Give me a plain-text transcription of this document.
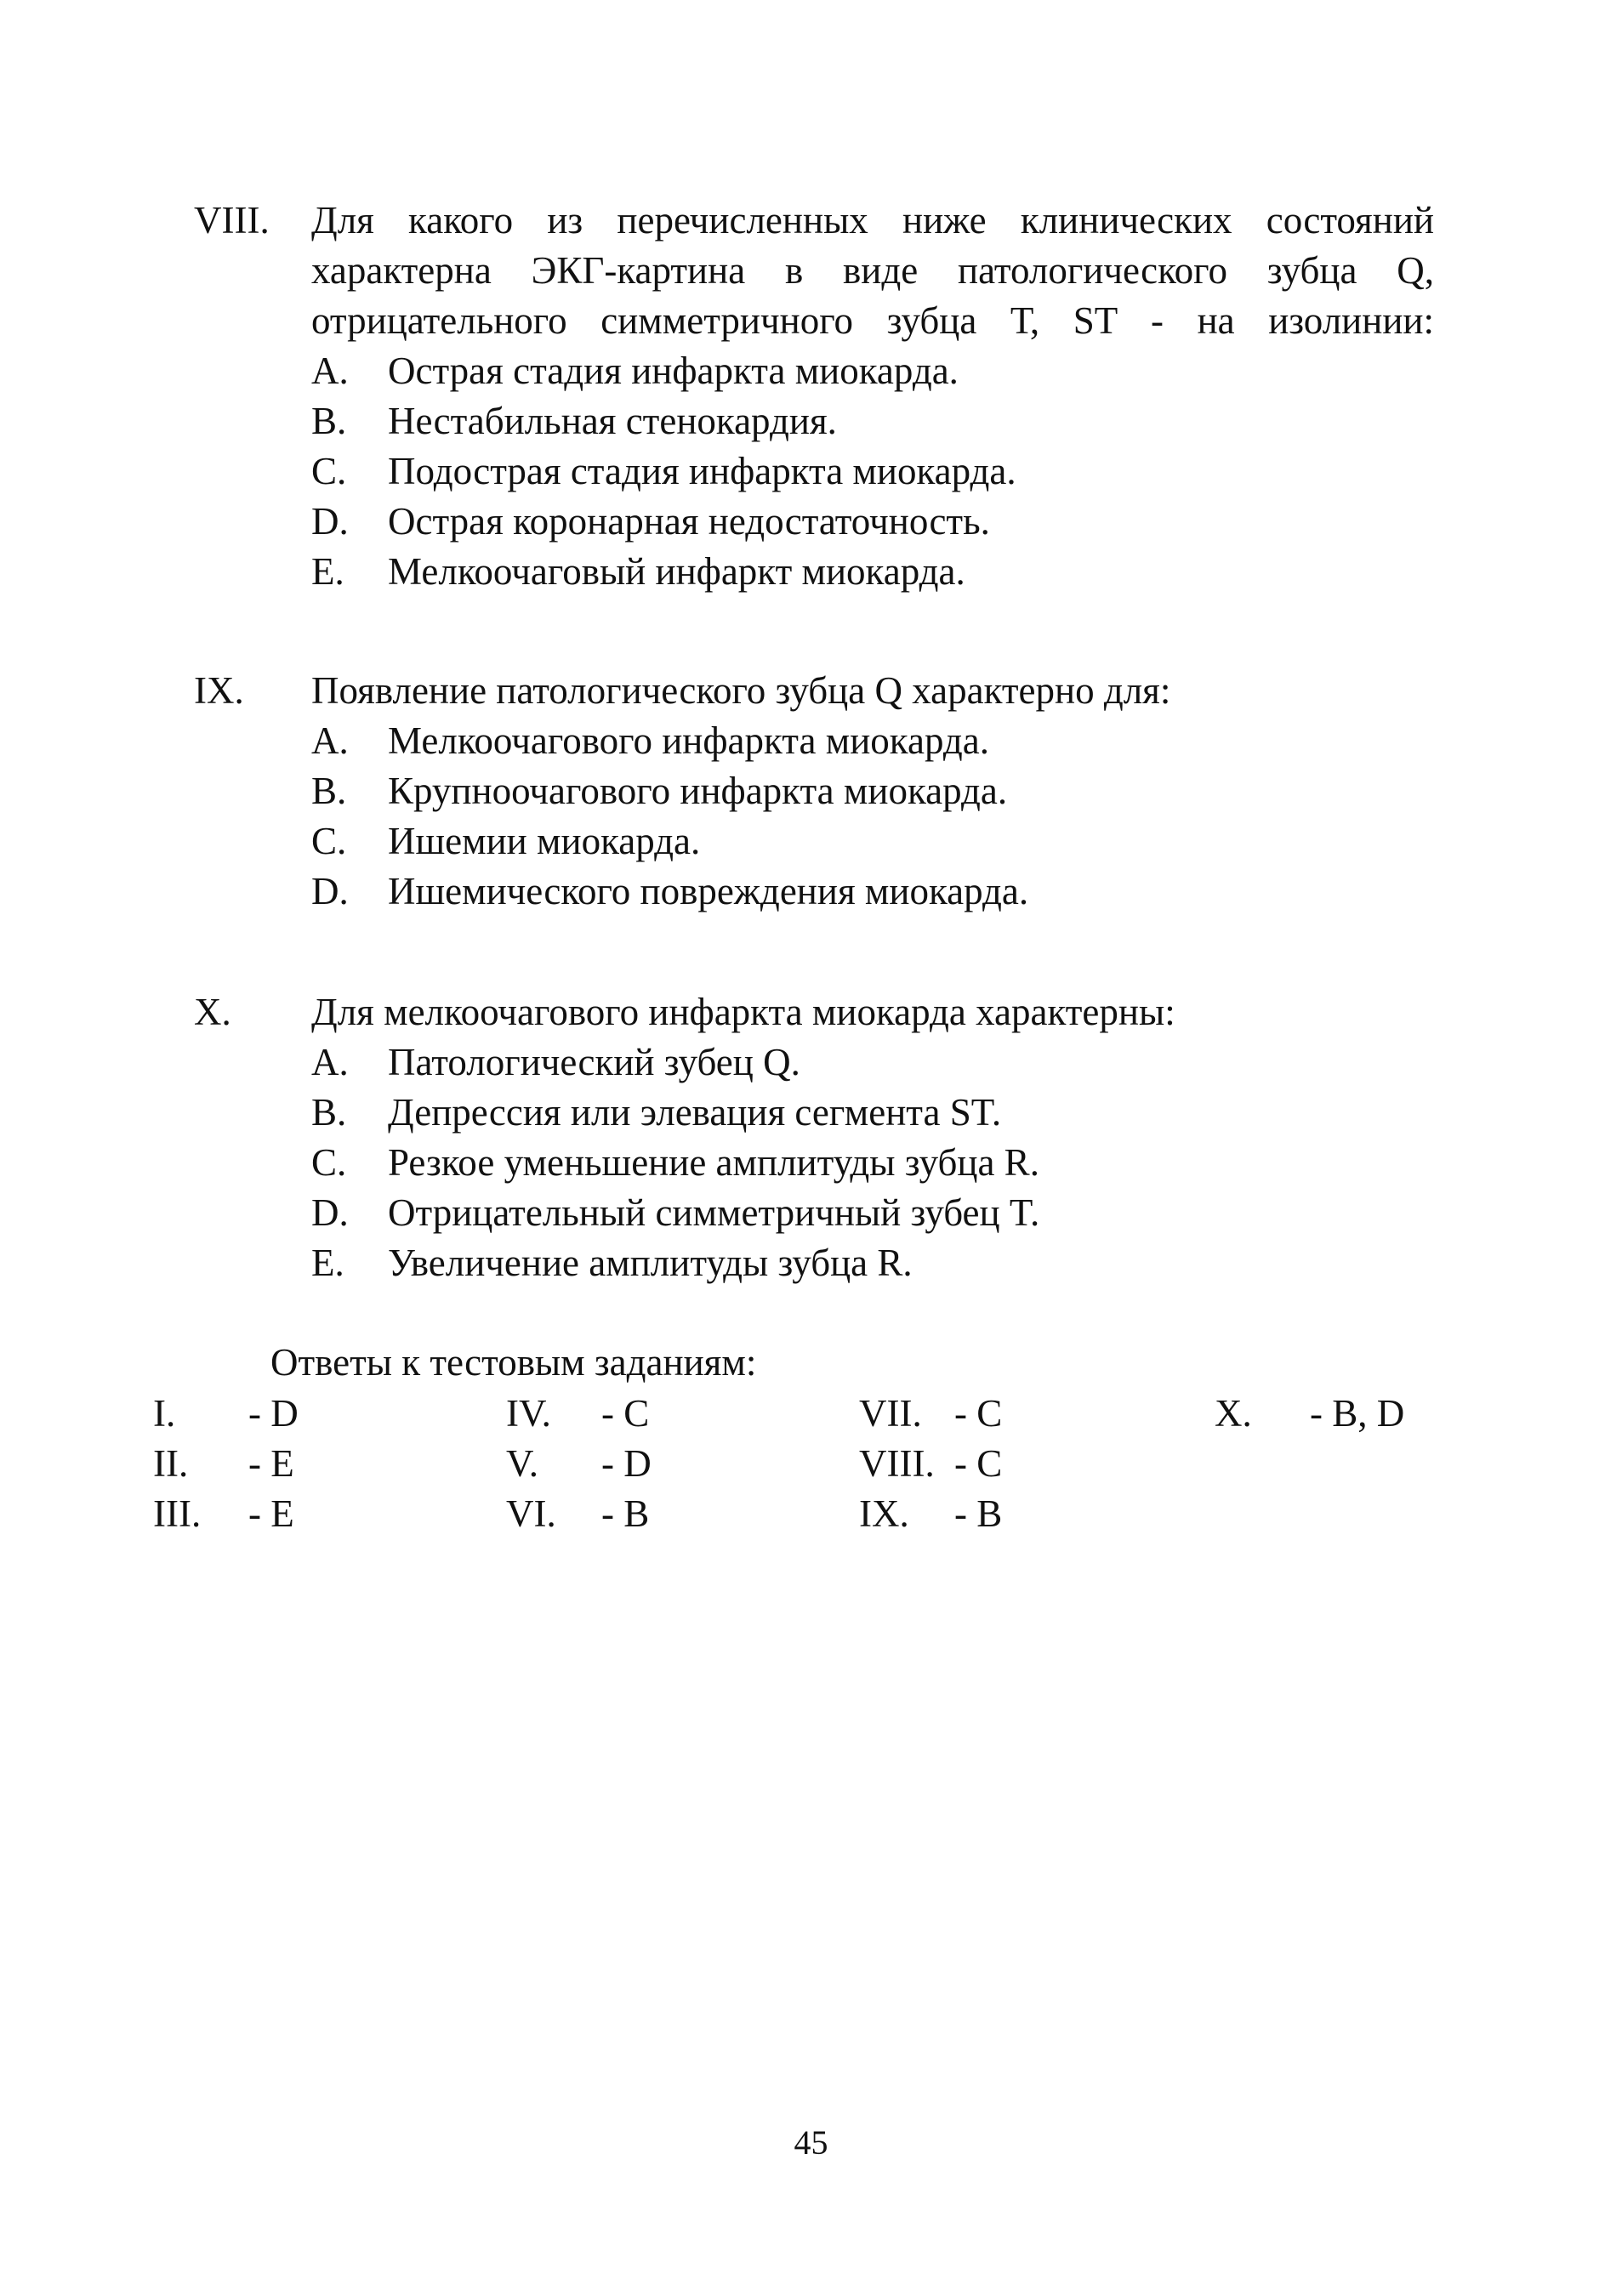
VIII. Для какого из перечисленных ниже клинических состояний
характерна ЭКГ-картина в виде патологического зубца Q,
отрицательного симметричного зубца Т, ST - на изолинии:
A. Острая стадия инфаркта миокарда.
B. Нестабильная стенокардия.
C. Подострая стадия инфаркта миокарда.
D. Острая коронарная недостаточность.
E. Мелкоочаговый инфаркт миокарда.
IX. Появление патологического зубца Q характерно для:
A. Мелкоочагового инфаркта миокарда.
B. Крупноочагового инфаркта миокарда.
C. Ишемии миокарда.
D. Ишемического повреждения миокарда.
X. Для мелкоочагового инфаркта миокарда характерны:
A. Патологический зубец Q.
B. Депрессия или элевация сегмента ST.
C. Резкое уменьшение амплитуды зубца R.
D. Отрицательный симметричный зубец T.
E. Увеличение амплитуды зубца R.
Ответы к тестовым заданиям:
I. - D
II. - E
III. - E
IV. - C
V. - D
VI. - B
VII. - C
VIII. - C
IX. - B
X. - B, D
45
